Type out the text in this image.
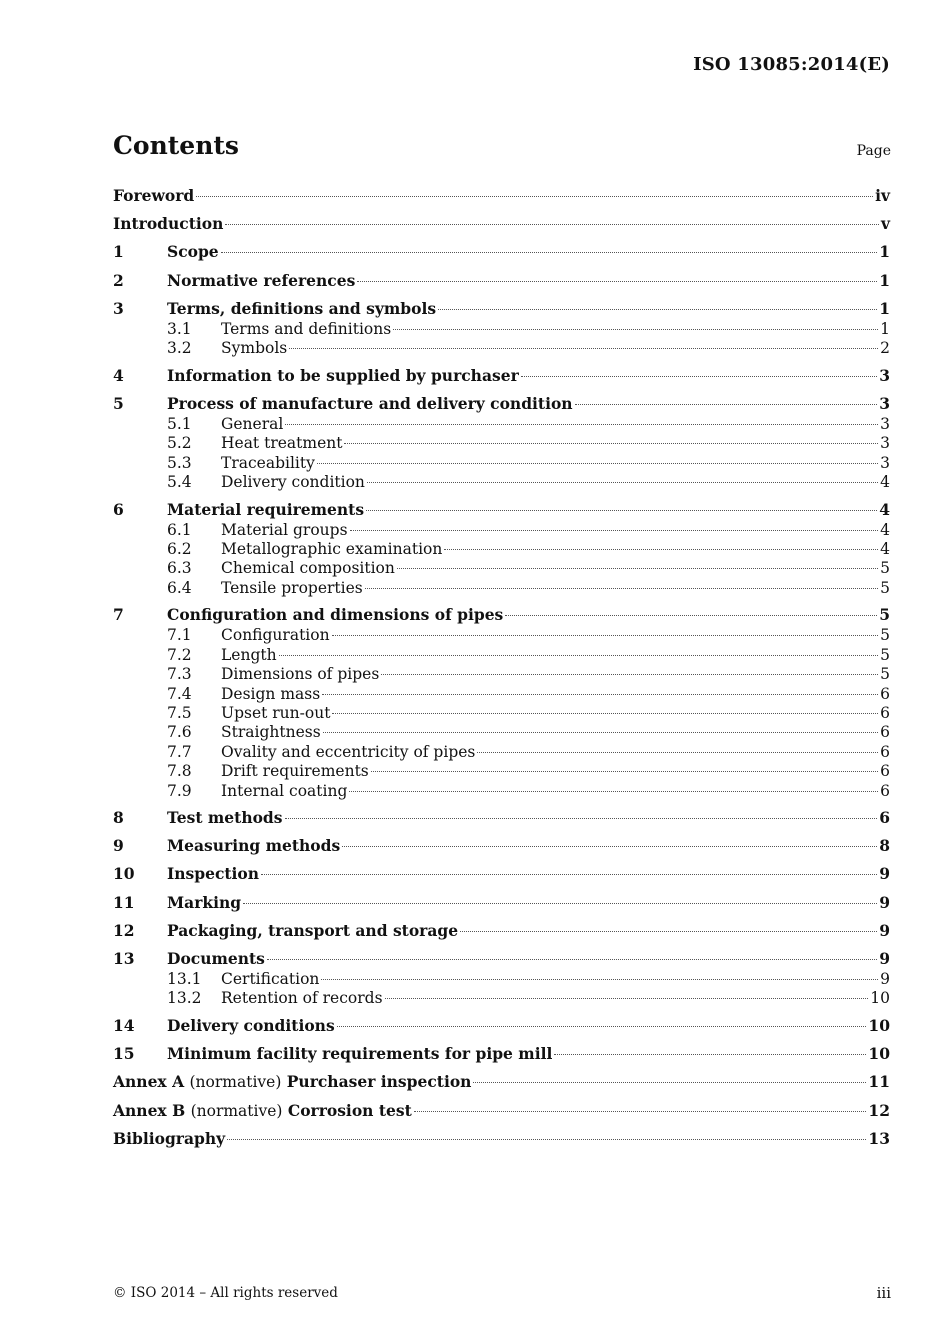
ISO 13085:2014(E)
Contents	Page
Foreword	iv
Introduction	v
1	Scope	1
2	Normative references	1
3	Terms, definitions and symbols	1
3.1	Terms and definitions	1
3.2	Symbols	2
4	Information to be supplied by purchaser	3
5	Process of manufacture and delivery condition	3
5.1	General	3
5.2	Heat treatment	3
5.3	Traceability	3
5.4	Delivery condition	4
6	Material requirements	4
6.1	Material groups	4
6.2	Metallographic examination	4
6.3	Chemical composition	5
6.4	Tensile properties	5
7	Configuration and dimensions of pipes	5
7.1	Configuration	5
7.2	Length	5
7.3	Dimensions of pipes	5
7.4	Design mass	6
7.5	Upset run-out	6
7.6	Straightness	6
7.7	Ovality and eccentricity of pipes	6
7.8	Drift requirements	6
7.9	Internal coating	6
8	Test methods	6
9	Measuring methods	8
10	Inspection	9
11	Marking	9
12	Packaging, transport and storage	9
13	Documents	9
13.1	Certification	9
13.2	Retention of records	10
14	Delivery conditions	10
15	Minimum facility requirements for pipe mill	10
Annex A (normative) Purchaser inspection	11
Annex B (normative) Corrosion test	12
Bibliography	13
© ISO 2014 – All rights reserved	iii
